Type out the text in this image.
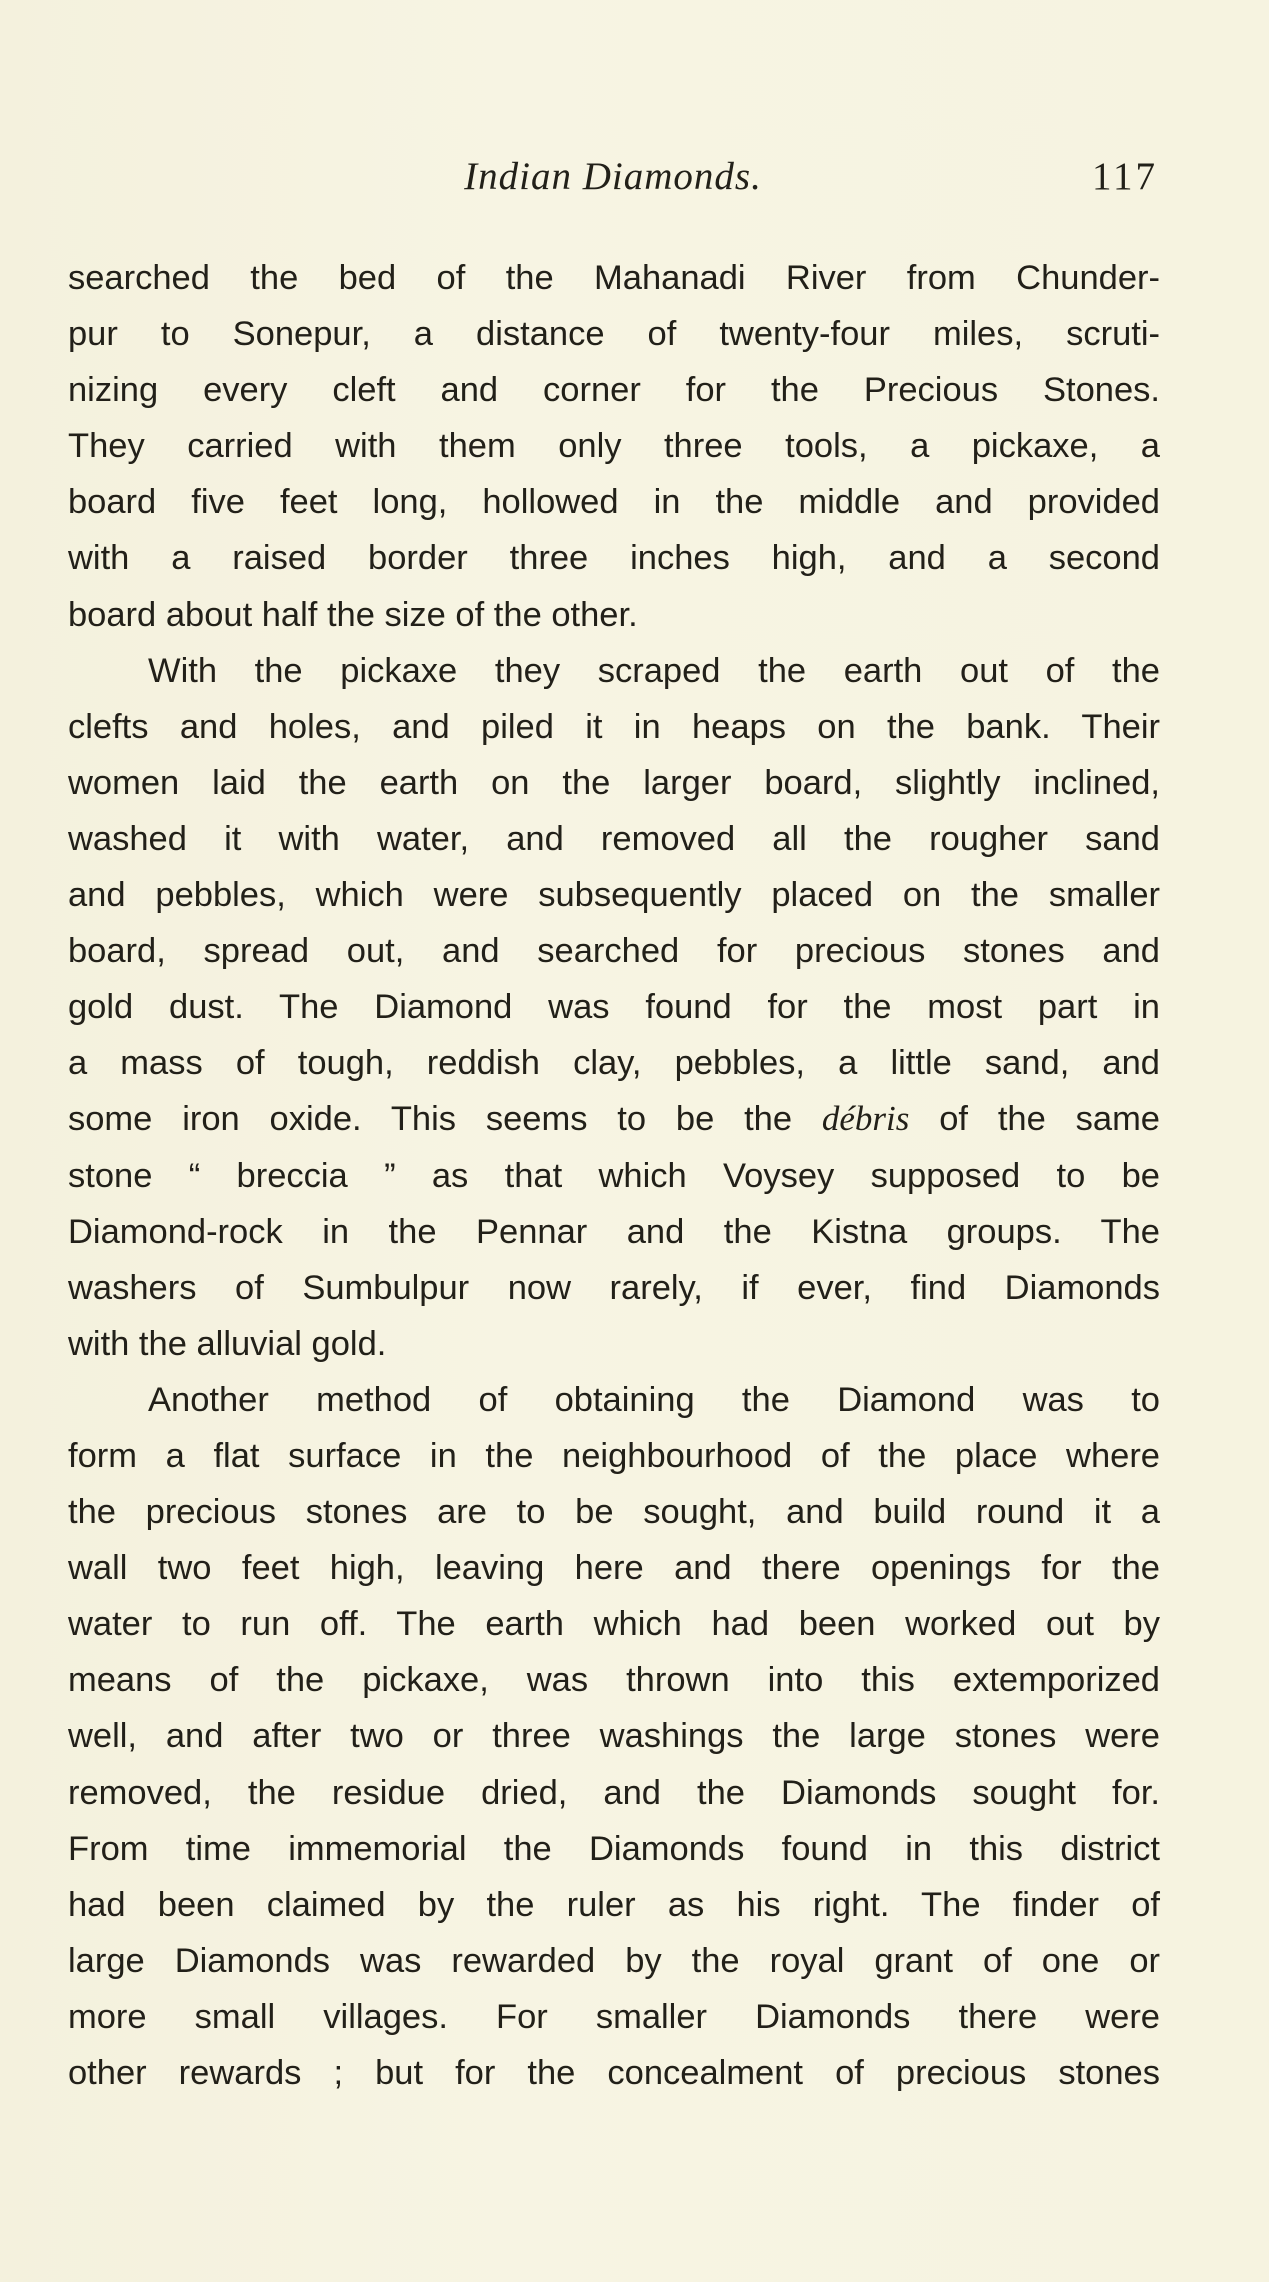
Indian Diamonds.	117
searched the bed of the Mahanadi River from Chunder-
pur to Sonepur, a distance of twenty-four miles, scruti-
nizing every cleft and corner for the Precious Stones.
They carried with them only three tools, a pickaxe, a
board five feet long, hollowed in the middle and provided
with a raised border three inches high, and a second
board about half the size of the other.
With the pickaxe they scraped the earth out of the
clefts and holes, and piled it in heaps on the bank. Their
women laid the earth on the larger board, slightly inclined,
washed it with water, and removed all the rougher sand
and pebbles, which were subsequently placed on the smaller
board, spread out, and searched for precious stones and
gold dust. The Diamond was found for the most part in
a mass of tough, reddish clay, pebbles, a little sand, and
some iron oxide. This seems to be the débris of the same
stone “ breccia ” as that which Voysey supposed to be
Diamond-rock in the Pennar and the Kistna groups. The
washers of Sumbulpur now rarely, if ever, find Diamonds
with the alluvial gold.
Another method of obtaining the Diamond was to
form a flat surface in the neighbourhood of the place where
the precious stones are to be sought, and build round it a
wall two feet high, leaving here and there openings for the
water to run off. The earth which had been worked out by
means of the pickaxe, was thrown into this extemporized
well, and after two or three washings the large stones were
removed, the residue dried, and the Diamonds sought for.
From time immemorial the Diamonds found in this district
had been claimed by the ruler as his right. The finder of
large Diamonds was rewarded by the royal grant of one or
more small villages. For smaller Diamonds there were
other rewards ; but for the concealment of precious stones
